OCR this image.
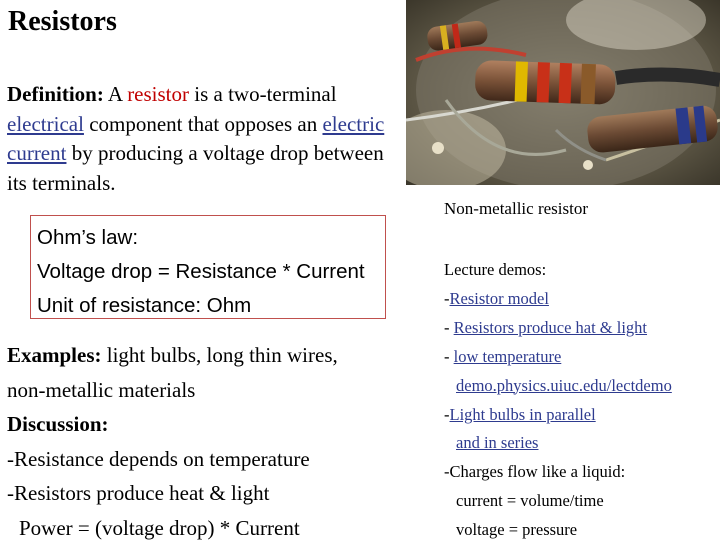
Resistors
Definition: A resistor is a two-terminal electrical component that opposes an electric current by producing a voltage drop between its terminals.
Non-metallic resistor
Ohm’s law:
Voltage drop = Resistance * Current
Unit of resistance: Ohm
Examples: light bulbs, long thin wires,
non-metallic materials
Discussion:
-Resistance depends on temperature
-Resistors produce heat & light
Power = (voltage drop) * Current
Lecture demos:
-Resistor model
- Resistors produce hat & light
- low temperature
demo.physics.uiuc.edu/lectdemo
-Light bulbs in parallel
and in series
-Charges flow like a liquid:
current = volume/time
voltage = pressure
